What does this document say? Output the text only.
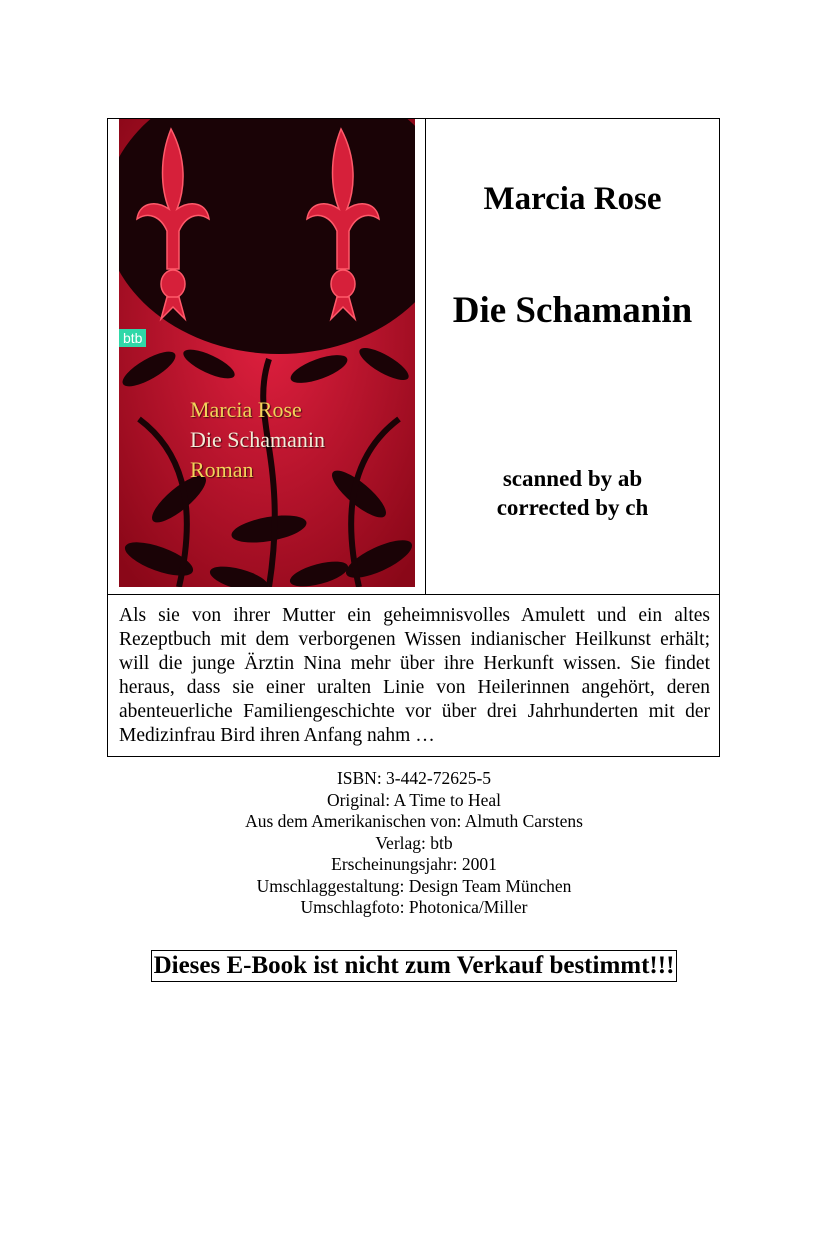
btb
Marcia Rose
Die Schamanin
Roman
Marcia Rose
Die Schamanin
scanned by ab
corrected by ch
Als sie von ihrer Mutter ein geheimnisvolles Amulett und ein altes Rezeptbuch mit dem verborgenen Wissen indianischer Heilkunst erhält; will die junge Ärztin Nina mehr über ihre Herkunft wissen. Sie findet heraus, dass sie einer uralten Linie von Heilerinnen angehört, deren abenteuerliche Familiengeschichte vor über drei Jahrhunderten mit der Medizinfrau Bird ihren Anfang nahm …
ISBN: 3-442-72625-5
Original: A Time to Heal
Aus dem Amerikanischen von: Almuth Carstens
Verlag: btb
Erscheinungsjahr: 2001
Umschlaggestaltung: Design Team München
Umschlagfoto: Photonica/Miller
Dieses E-Book ist nicht zum Verkauf bestimmt!!!
